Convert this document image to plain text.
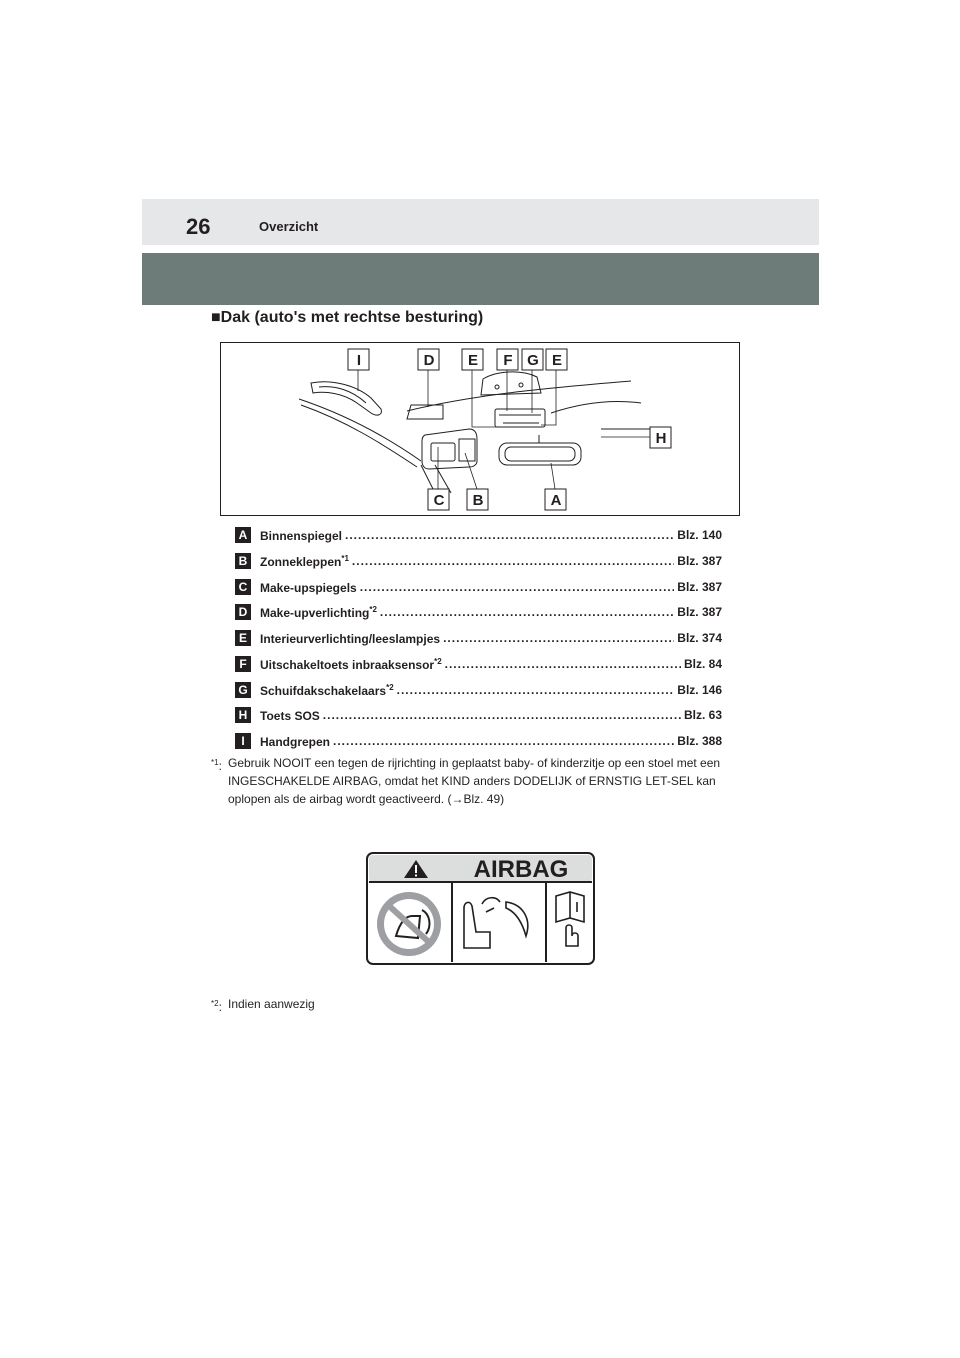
26	Overzicht
■Dak (auto's met rechtse besturing)
I	D E F G E
H
C B	A
A	Binnenspiegel .....	Blz. 140
B	Zonnekleppen$^{*1}$ .....	Blz. 387
C	Make-upspiegels .....	Blz. 387
D	Make-upverlichting$^{*2}$ .....	Blz. 387
E	Interieurverlichting/leeslampjes .....	Blz. 374
F	Uitschakeltoets inbraaksensor$^{*2}$ .....	Blz. 84
G Schuifdakschakelaars$^{*2}$ .....	Blz. 146
H	Toets SOS .....	Blz. 63
I	Handgrepen .....	Blz. 388
$^{*1}$: Gebruik NOOIT een tegen de rijrichting in geplaatst baby- of kinderzitje op een stoel met een INGESCHAKELDE AIRBAG, omdat het KIND anders DODELIJK of ERNSTIG LET-SEL kan oplopen als de airbag wordt geactiveerd. (→Blz. 49)
AIRBAG
$^{*2}$: Indien aanwezig
